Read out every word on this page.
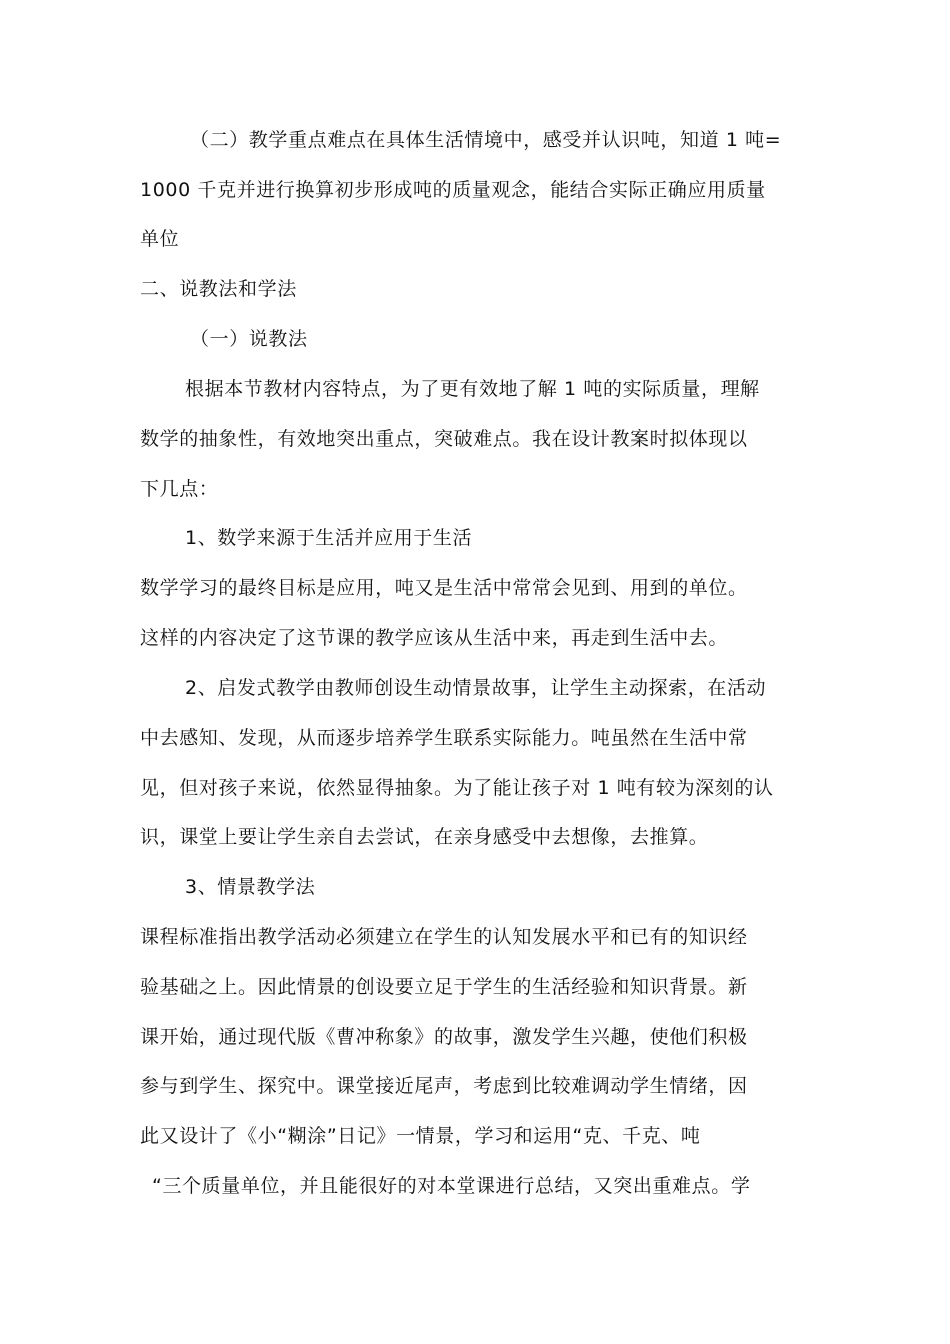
（二）教学重点难点在具体生活情境中，感受并认识吨，知道 1 吨=
1000 千克并进行换算初步形成吨的质量观念，能结合实际正确应用质量
单位
二、说教法和学法
（一）说教法
根据本节教材内容特点，为了更有效地了解 1 吨的实际质量，理解
数学的抽象性，有效地突出重点，突破难点。我在设计教案时拟体现以
下几点：
1、数学来源于生活并应用于生活
数学学习的最终目标是应用，吨又是生活中常常会见到、用到的单位。
这样的内容决定了这节课的教学应该从生活中来，再走到生活中去。
2、启发式教学由教师创设生动情景故事，让学生主动探索，在活动
中去感知、发现，从而逐步培养学生联系实际能力。吨虽然在生活中常
见，但对孩子来说，依然显得抽象。为了能让孩子对 1 吨有较为深刻的认
识，课堂上要让学生亲自去尝试，在亲身感受中去想像，去推算。
3、情景教学法
课程标准指出教学活动必须建立在学生的认知发展水平和已有的知识经
验基础之上。因此情景的创设要立足于学生的生活经验和知识背景。新
课开始，通过现代版《曹冲称象》的故事，激发学生兴趣，使他们积极
参与到学生、探究中。课堂接近尾声，考虑到比较难调动学生情绪，因
此又设计了《小“糊涂”日记》一情景，学习和运用“克、千克、吨
“三个质量单位，并且能很好的对本堂课进行总结，又突出重难点。学
